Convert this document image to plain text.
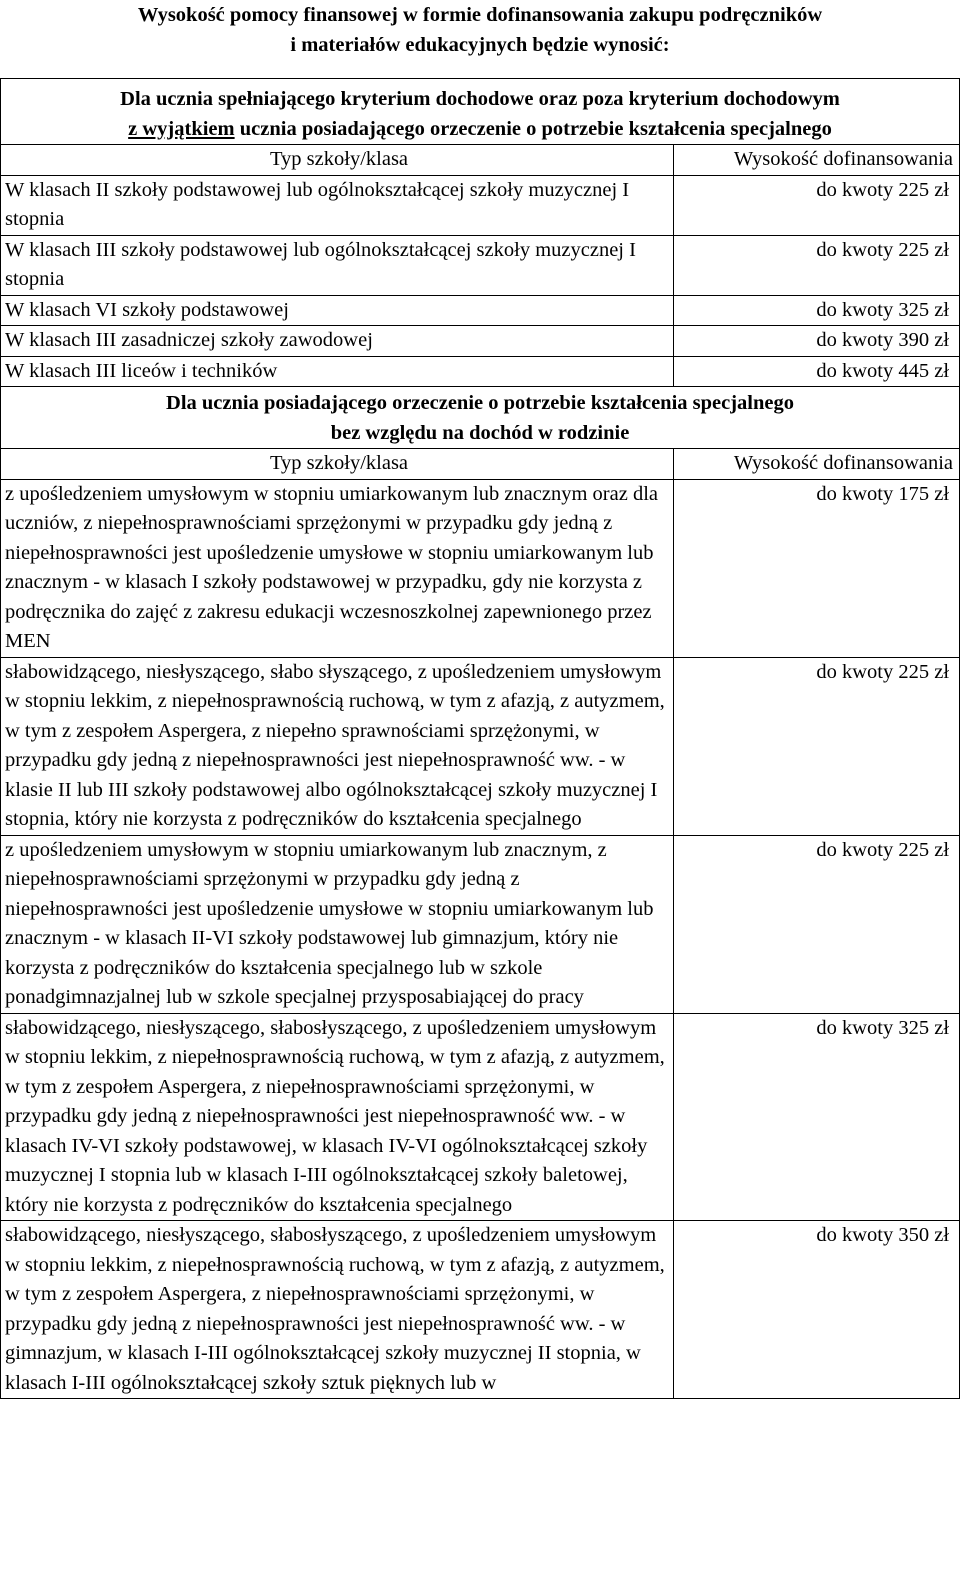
Wysokość pomocy finansowej w formie dofinansowania zakupu podręczników
i materiałów edukacyjnych będzie wynosić:
Dla ucznia spełniającego kryterium dochodowe oraz poza kryterium dochodowym
z wyjątkiem ucznia posiadającego orzeczenie o potrzebie kształcenia specjalnego	

Typ szkoły/klasa	Wysokość dofinansowania
W klasach II szkoły podstawowej lub ogólnokształcącej szkoły muzycznej I stopnia	do kwoty 225 zł
W klasach III szkoły podstawowej lub ogólnokształcącej szkoły muzycznej I stopnia	do kwoty 225 zł
W klasach VI szkoły podstawowej	do kwoty 325 zł
W klasach III zasadniczej szkoły zawodowej	do kwoty 390 zł
W klasach III liceów i techników	do kwoty 445 zł

Dla ucznia posiadającego orzeczenie o potrzebie kształcenia specjalnego
bez względu na dochód w rodzinie	

Typ szkoły/klasa	Wysokość dofinansowania
z upośledzeniem umysłowym w stopniu umiarkowanym lub znacznym oraz dla uczniów, z niepełnosprawnościami sprzężonymi w przypadku gdy jedną z niepełnosprawności jest upośledzenie umysłowe w stopniu umiarkowanym lub znacznym - w klasach I szkoły podstawowej w przypadku, gdy nie korzysta z podręcznika do zajęć z zakresu edukacji wczesnoszkolnej zapewnionego przez MEN	do kwoty 175 zł
słabowidzącego, niesłyszącego, słabo słyszącego, z upośledzeniem umysłowym w stopniu lekkim, z niepełnosprawnością ruchową, w tym z afazją, z autyzmem, w tym z zespołem Aspergera, z niepełno sprawnościami sprzężonymi, w przypadku gdy jedną z niepełnosprawności jest niepełnosprawność ww. - w klasie II lub III szkoły podstawowej albo ogólnokształcącej szkoły muzycznej I stopnia, który nie korzysta z podręczników do kształcenia specjalnego	do kwoty 225 zł
z upośledzeniem umysłowym w stopniu umiarkowanym lub znacznym, z niepełnosprawnościami sprzężonymi w przypadku gdy jedną z niepełnosprawności jest upośledzenie umysłowe w stopniu umiarkowanym lub znacznym - w klasach II-VI szkoły podstawowej lub gimnazjum, który nie korzysta z podręczników do kształcenia specjalnego lub w szkole ponadgimnazjalnej lub w szkole specjalnej przysposabiającej do pracy	do kwoty 225 zł
słabowidzącego, niesłyszącego, słabosłyszącego, z upośledzeniem umysłowym w stopniu lekkim, z niepełnosprawnością ruchową, w tym z afazją, z autyzmem, w tym z zespołem Aspergera, z niepełnosprawnościami sprzężonymi, w przypadku gdy jedną z niepełnosprawności jest niepełnosprawność ww. - w klasach IV-VI szkoły podstawowej, w klasach IV-VI ogólnokształcącej szkoły muzycznej I stopnia lub w klasach I-III ogólnokształcącej szkoły baletowej, który nie korzysta z podręczników do kształcenia specjalnego	do kwoty 325 zł
słabowidzącego, niesłyszącego, słabosłyszącego, z upośledzeniem umysłowym w stopniu lekkim, z niepełnosprawnością ruchową, w tym z afazją, z autyzmem, w tym z zespołem Aspergera, z niepełnosprawnościami sprzężonymi, w przypadku gdy jedną z niepełnosprawności jest niepełnosprawność ww. - w gimnazjum, w klasach I-III ogólnokształcącej szkoły muzycznej II stopnia, w klasach I-III ogólnokształcącej szkoły sztuk pięknych lub w	do kwoty 350 zł
